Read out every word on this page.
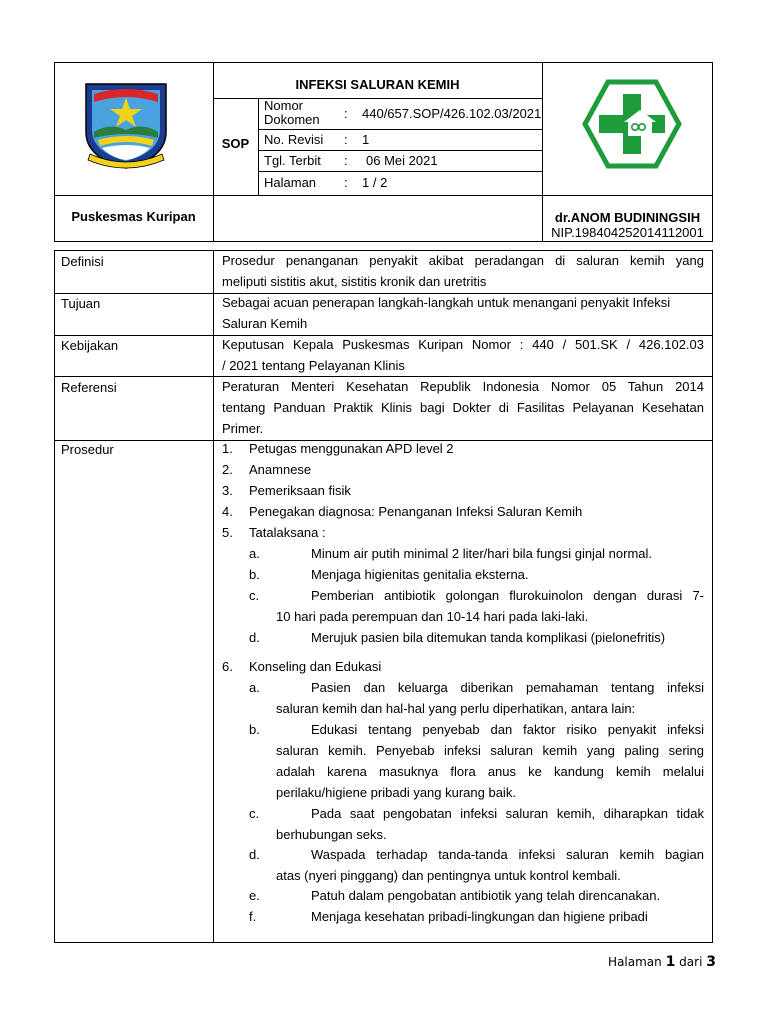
INFEKSI SALURAN KEMIH
SOP
Nomor Dokomen	: 440/657.SOP/426.102.03/2021
No. Revisi : 1
Tgl. Terbit : 06 Mei 2021
Halaman : 1 / 2
Puskesmas Kuripan	dr.ANOM BUDININGSIH
NIP.198404252014112001
Definisi	Prosedur penanganan penyakit akibat peradangan di saluran kemih yang
meliputi sistitis akut, sistitis kronik dan uretritis
Tujuan	Sebagai acuan penerapan langkah-langkah untuk menangani penyakit Infeksi
Saluran Kemih
Kebijakan	Keputusan Kepala Puskesmas Kuripan Nomor : 440 / 501.SK / 426.102.03
/ 2021 tentang Pelayanan Klinis
Referensi	Peraturan Menteri Kesehatan Republik Indonesia Nomor 05 Tahun 2014
tentang Panduan Praktik Klinis bagi Dokter di Fasilitas Pelayanan Kesehatan
Primer.
Prosedur	1.	Petugas menggunakan APD level 2
2.	Anamnese
3.	Pemeriksaan fisik
4.	Penegakan diagnosa: Penanganan Infeksi Saluran Kemih
5.	Tatalaksana :
a.	Minum air putih minimal 2 liter/hari bila fungsi ginjal normal.
b.	Menjaga higienitas genitalia eksterna.
c.	Pemberian antibiotik golongan flurokuinolon dengan durasi 7-
10 hari pada perempuan dan 10-14 hari pada laki-laki.
d.	Merujuk pasien bila ditemukan tanda komplikasi (pielonefritis)
6.	Konseling dan Edukasi
a.	Pasien dan keluarga diberikan pemahaman tentang infeksi
saluran kemih dan hal-hal yang perlu diperhatikan, antara lain:
b.	Edukasi tentang penyebab dan faktor risiko penyakit infeksi
saluran kemih. Penyebab infeksi saluran kemih yang paling sering
adalah karena masuknya flora anus ke kandung kemih melalui
perilaku/higiene pribadi yang kurang baik.
c.	Pada saat pengobatan infeksi saluran kemih, diharapkan tidak
berhubungan seks.
d.	Waspada terhadap tanda-tanda infeksi saluran kemih bagian
atas (nyeri pinggang) dan pentingnya untuk kontrol kembali.
e.	Patuh dalam pengobatan antibiotik yang telah direncanakan.
f.	Menjaga kesehatan pribadi-lingkungan dan higiene pribadi
Halaman 1 dari 3
